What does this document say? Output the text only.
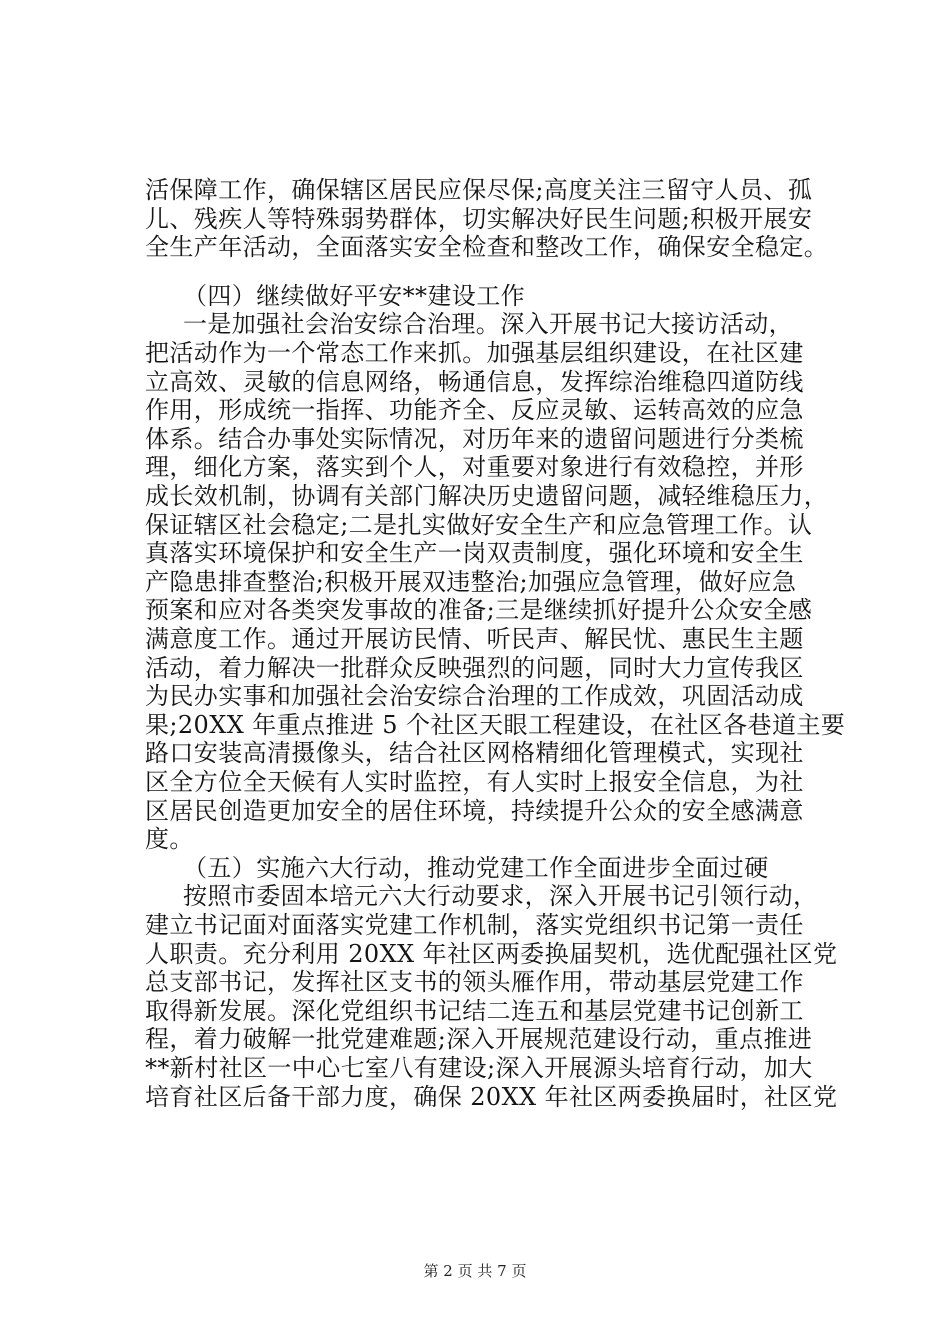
活保障工作，确保辖区居民应保尽保;高度关注三留守人员、孤
儿、残疾人等特殊弱势群体，切实解决好民生问题;积极开展安
全生产年活动，全面落实安全检查和整改工作，确保安全稳定。
（四）继续做好平安**建设工作
一是加强社会治安综合治理。深入开展书记大接访活动，
把活动作为一个常态工作来抓。加强基层组织建设，在社区建
立高效、灵敏的信息网络，畅通信息，发挥综治维稳四道防线
作用，形成统一指挥、功能齐全、反应灵敏、运转高效的应急
体系。结合办事处实际情况，对历年来的遗留问题进行分类梳
理，细化方案，落实到个人，对重要对象进行有效稳控，并形
成长效机制，协调有关部门解决历史遗留问题，减轻维稳压力，
保证辖区社会稳定;二是扎实做好安全生产和应急管理工作。认
真落实环境保护和安全生产一岗双责制度，强化环境和安全生
产隐患排查整治;积极开展双违整治;加强应急管理，做好应急
预案和应对各类突发事故的准备;三是继续抓好提升公众安全感
满意度工作。通过开展访民情、听民声、解民忧、惠民生主题
活动，着力解决一批群众反映强烈的问题，同时大力宣传我区
为民办实事和加强社会治安综合治理的工作成效，巩固活动成
果;20XX 年重点推进 5 个社区天眼工程建设，在社区各巷道主要
路口安装高清摄像头，结合社区网格精细化管理模式，实现社
区全方位全天候有人实时监控，有人实时上报安全信息，为社
区居民创造更加安全的居住环境，持续提升公众的安全感满意
度。
（五）实施六大行动，推动党建工作全面进步全面过硬
按照市委固本培元六大行动要求，深入开展书记引领行动，
建立书记面对面落实党建工作机制，落实党组织书记第一责任
人职责。充分利用 20XX 年社区两委换届契机，选优配强社区党
总支部书记，发挥社区支书的领头雁作用，带动基层党建工作
取得新发展。深化党组织书记结二连五和基层党建书记创新工
程，着力破解一批党建难题;深入开展规范建设行动，重点推进
**新村社区一中心七室八有建设;深入开展源头培育行动，加大
培育社区后备干部力度，确保 20XX 年社区两委换届时，社区党
第 2 页 共 7 页
